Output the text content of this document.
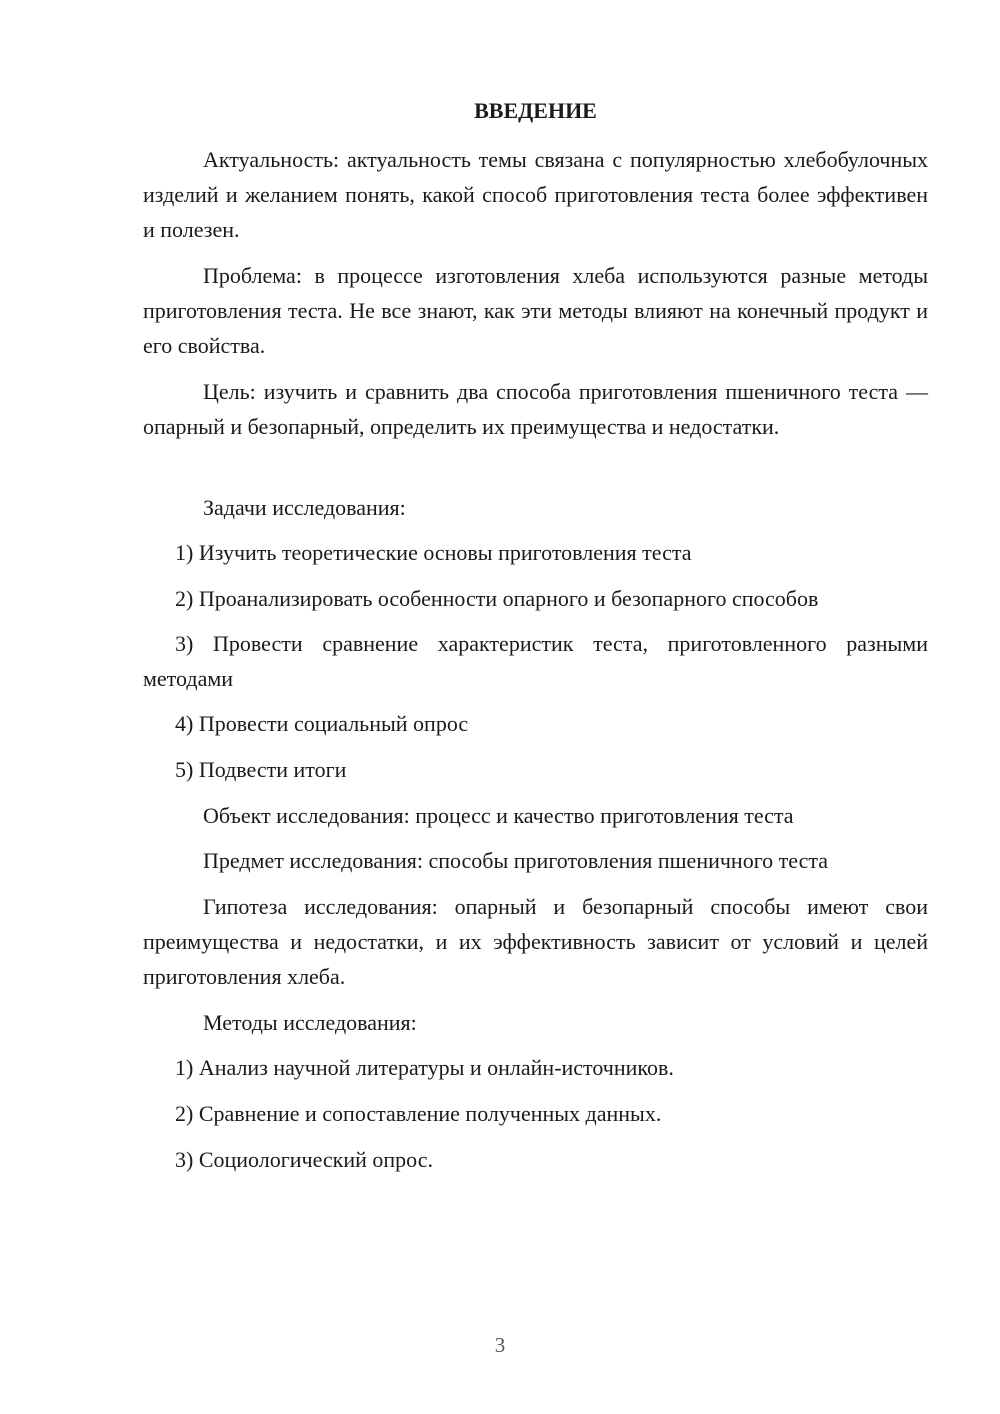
ВВЕДЕНИЕ

Актуальность: актуальность темы связана с популярностью хлебобулочных изделий и желанием понять, какой способ приготовления теста более эффективен и полезен.

Проблема: в процессе изготовления хлеба используются разные методы приготовления теста. Не все знают, как эти методы влияют на конечный продукт и его свойства.

Цель: изучить и сравнить два способа приготовления пшеничного теста — опарный и безопарный, определить их преимущества и недостатки.

Задачи исследования:

1) Изучить теоретические основы приготовления теста

2) Проанализировать особенности опарного и безопарного способов

3) Провести сравнение характеристик теста, приготовленного разными методами

4) Провести социальный опрос

5) Подвести итоги

Объект исследования: процесс и качество приготовления теста

Предмет исследования: способы приготовления пшеничного теста

Гипотеза исследования: опарный и безопарный способы имеют свои преимущества и недостатки, и их эффективность зависит от условий и целей приготовления хлеба.

Методы исследования:

1) Анализ научной литературы и онлайн-источников.

2) Сравнение и сопоставление полученных данных.

3) Социологический опрос.

3
